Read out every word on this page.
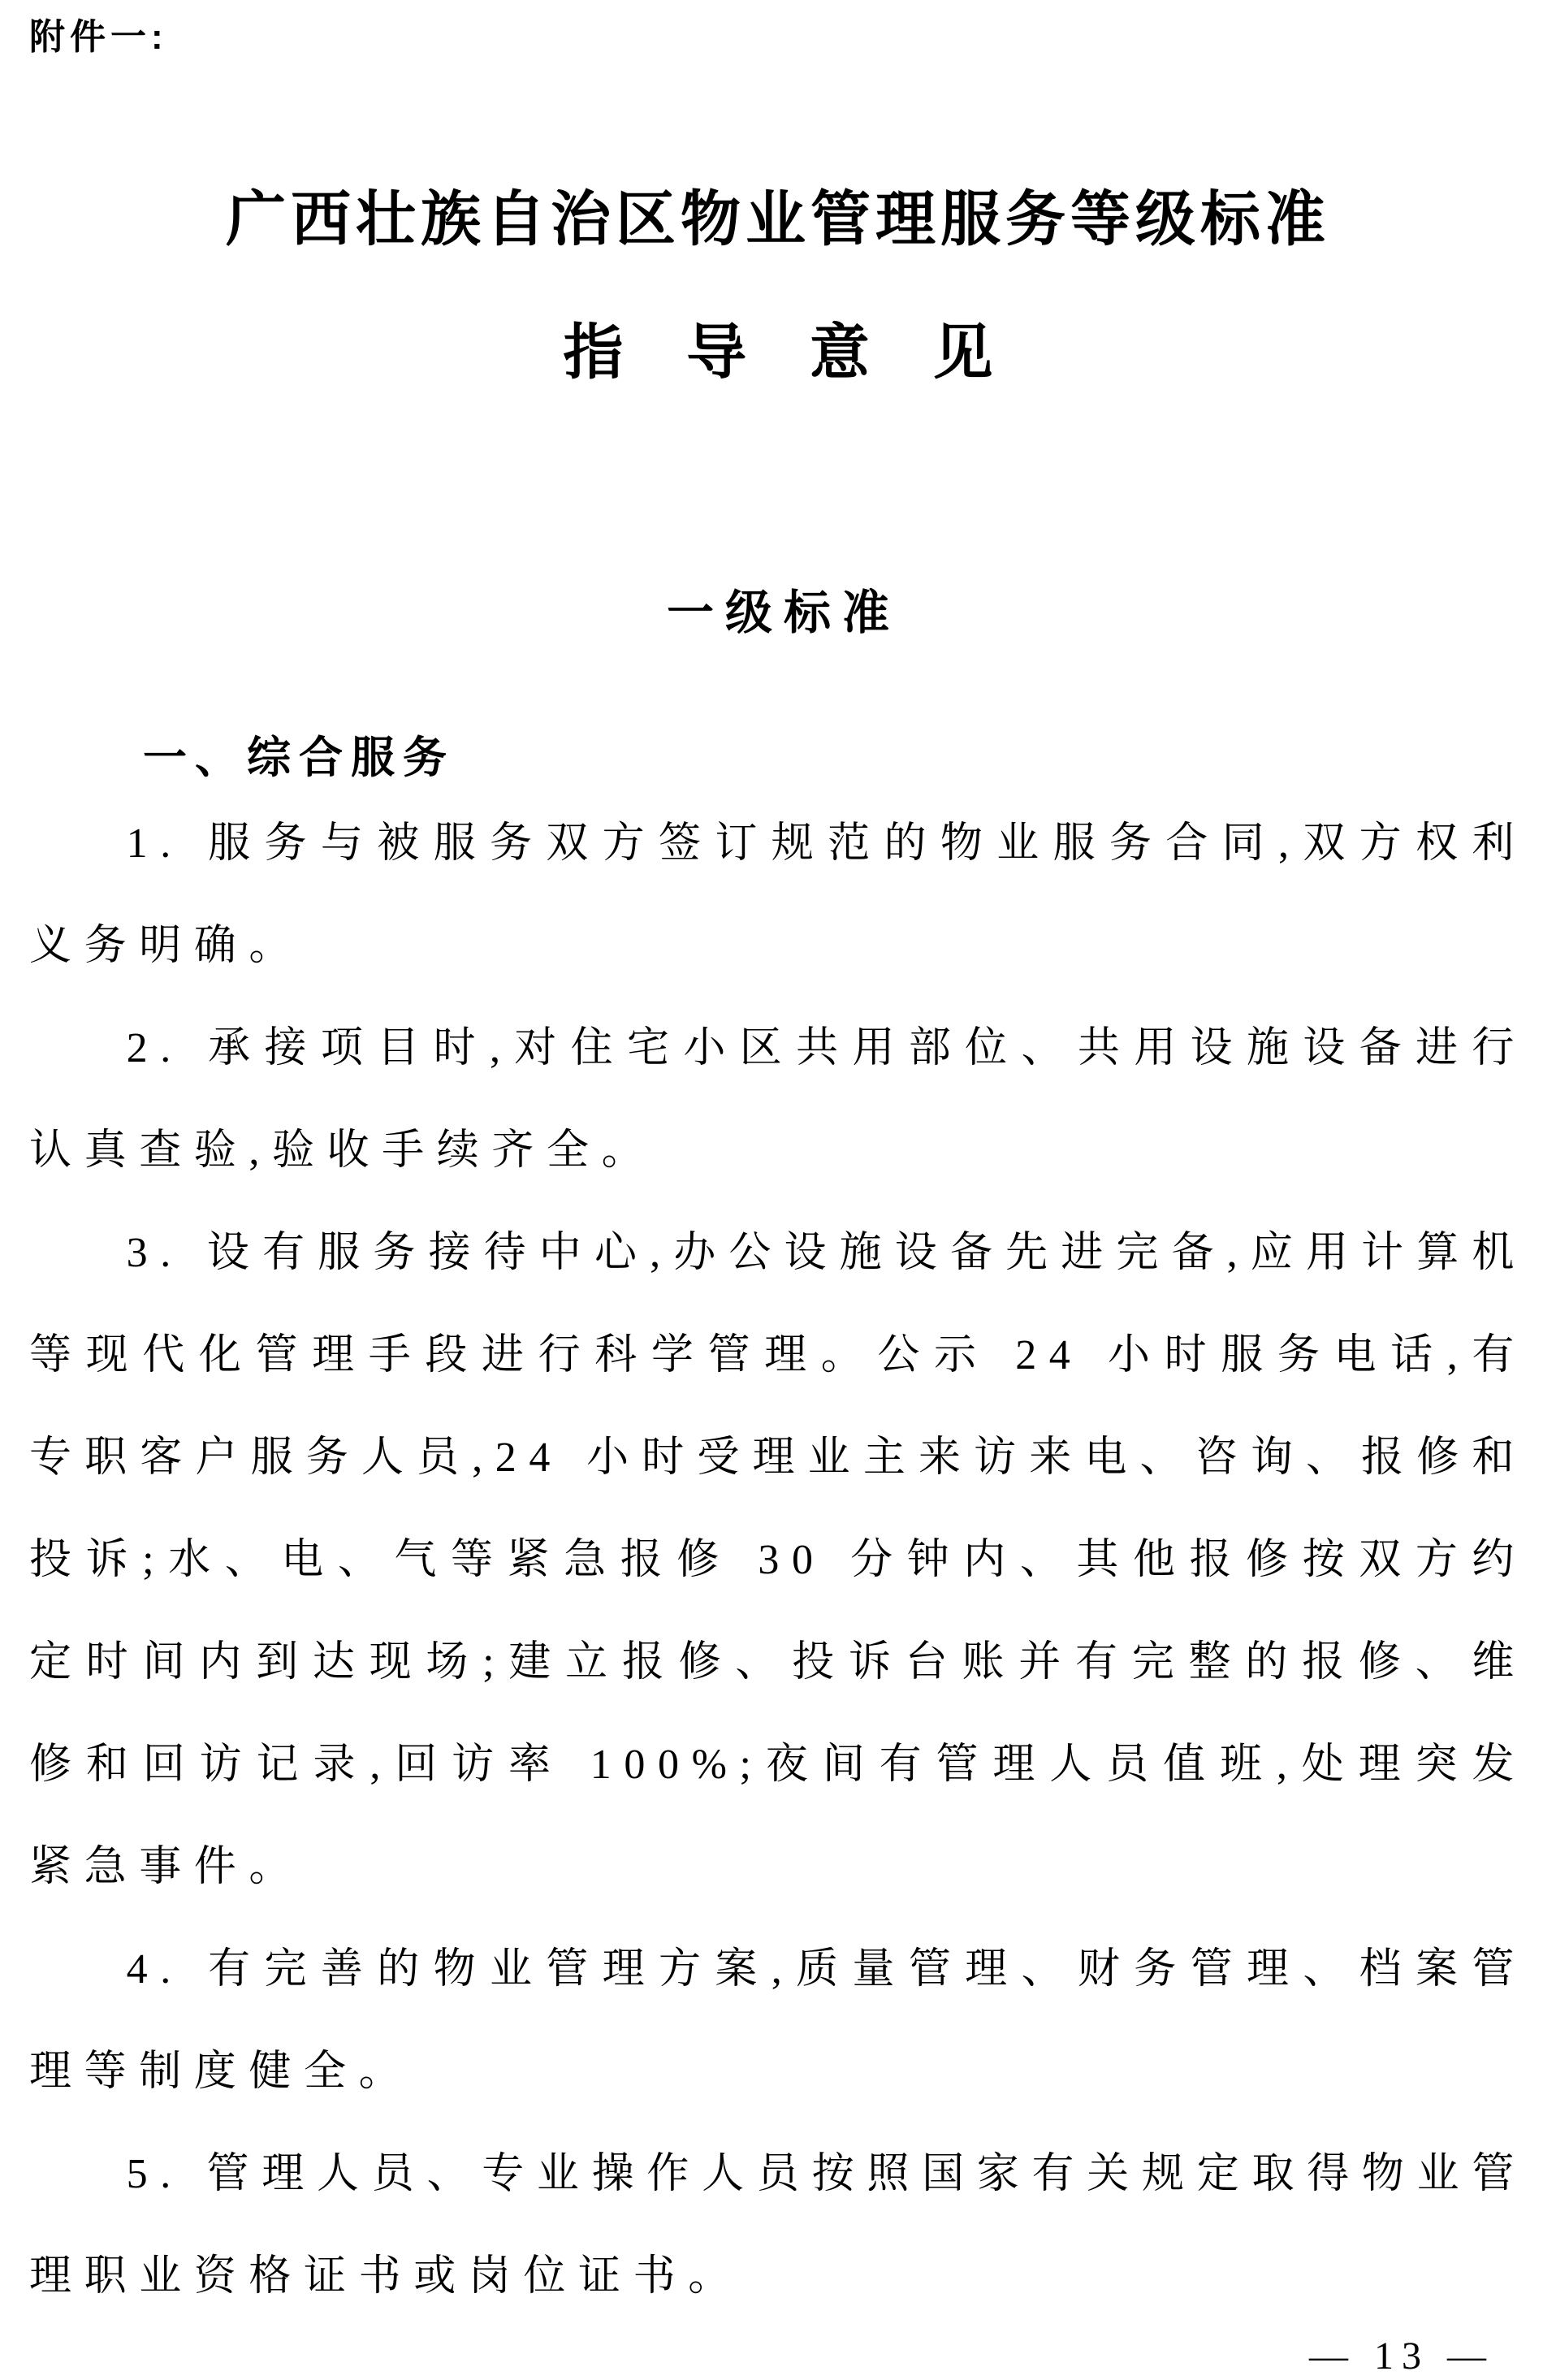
附件一:
广西壮族自治区物业管理服务等级标准
指 导 意 见
一级标准
一、综合服务

1. 服务与被服务双方签订规范的物业服务合同,双方权利义务明确。

2. 承接项目时,对住宅小区共用部位、共用设施设备进行认真查验,验收手续齐全。

3. 设有服务接待中心,办公设施设备先进完备,应用计算机等现代化管理手段进行科学管理。公示 24 小时服务电话,有专职客户服务人员,24 小时受理业主来访来电、咨询、报修和投诉;水、电、气等紧急报修 30 分钟内、其他报修按双方约定时间内到达现场;建立报修、投诉台账并有完整的报修、维修和回访记录,回访率 100%;夜间有管理人员值班,处理突发紧急事件。

4. 有完善的物业管理方案,质量管理、财务管理、档案管理等制度健全。

5. 管理人员、专业操作人员按照国家有关规定取得物业管理职业资格证书或岗位证书。

— 13 —
